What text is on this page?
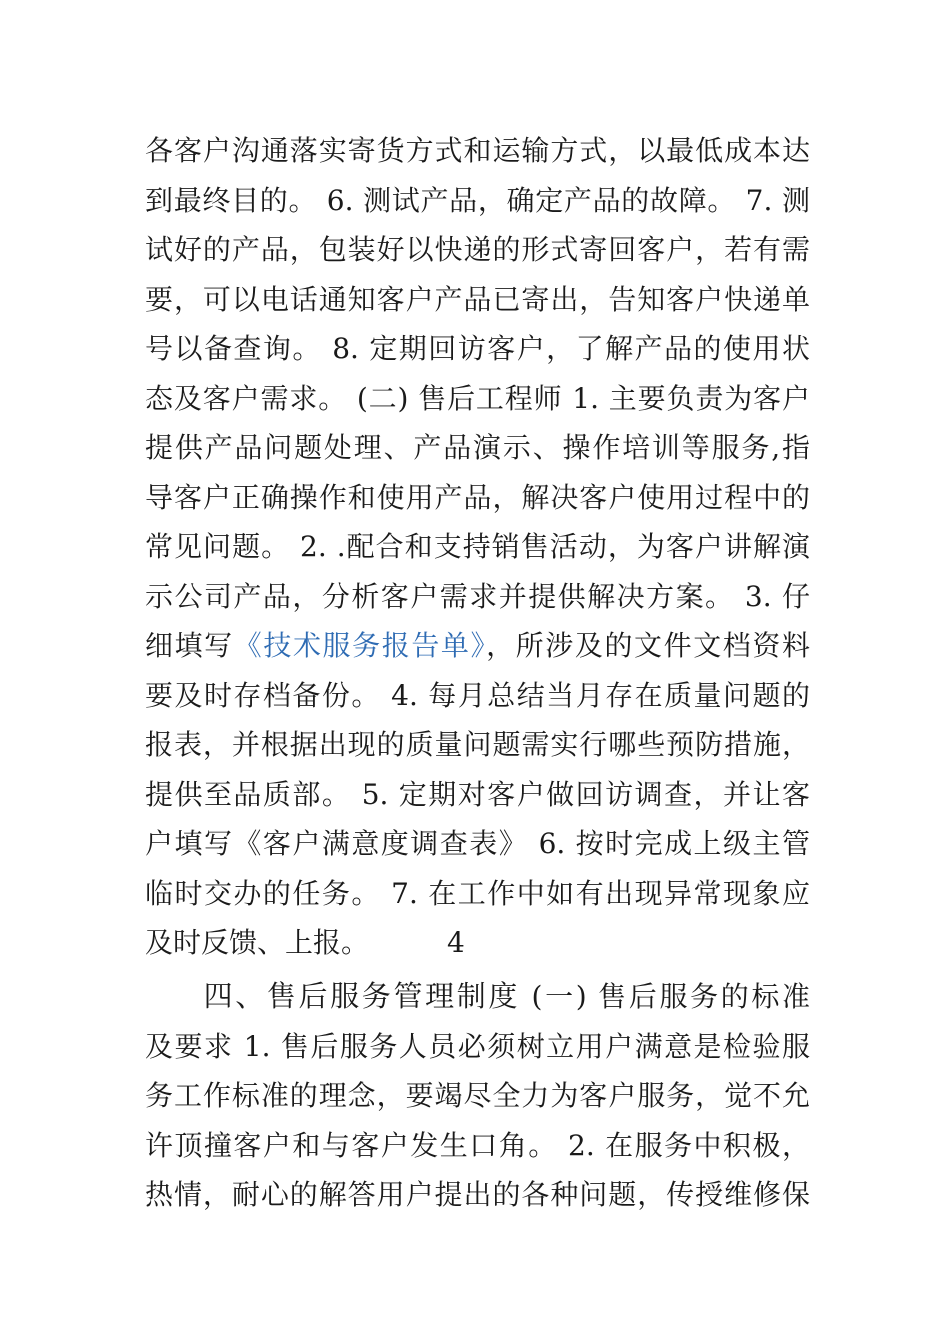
各客户沟通落实寄货方式和运输方式，以最低成本达
到最终目的。 6. 测试产品，确定产品的故障。 7. 测
试好的产品，包装好以快递的形式寄回客户，若有需
要，可以电话通知客户产品已寄出，告知客户快递单
号以备查询。 8. 定期回访客户，了解产品的使用状
态及客户需求。 (二) 售后工程师 1. 主要负责为客户
提供产品问题处理、产品演示、操作培训等服务,指
导客户正确操作和使用产品，解决客户使用过程中的
常见问题。 2. .配合和支持销售活动，为客户讲解演
示公司产品，分析客户需求并提供解决方案。 3. 仔
细填写《技术服务报告单》，所涉及的文件文档资料
要及时存档备份。 4. 每月总结当月存在质量问题的
报表，并根据出现的质量问题需实行哪些预防措施，
提供至品质部。 5. 定期对客户做回访调查，并让客
户填写《客户满意度调查表》 6. 按时完成上级主管
临时交办的任务。 7. 在工作中如有出现异常现象应
及时反馈、上报。	4
四、售后服务管理制度 (一) 售后服务的标准
及要求 1. 售后服务人员必须树立用户满意是检验服
务工作标准的理念，要竭尽全力为客户服务，觉不允
许顶撞客户和与客户发生口角。 2. 在服务中积极，
热情，耐心的解答用户提出的各种问题，传授维修保
